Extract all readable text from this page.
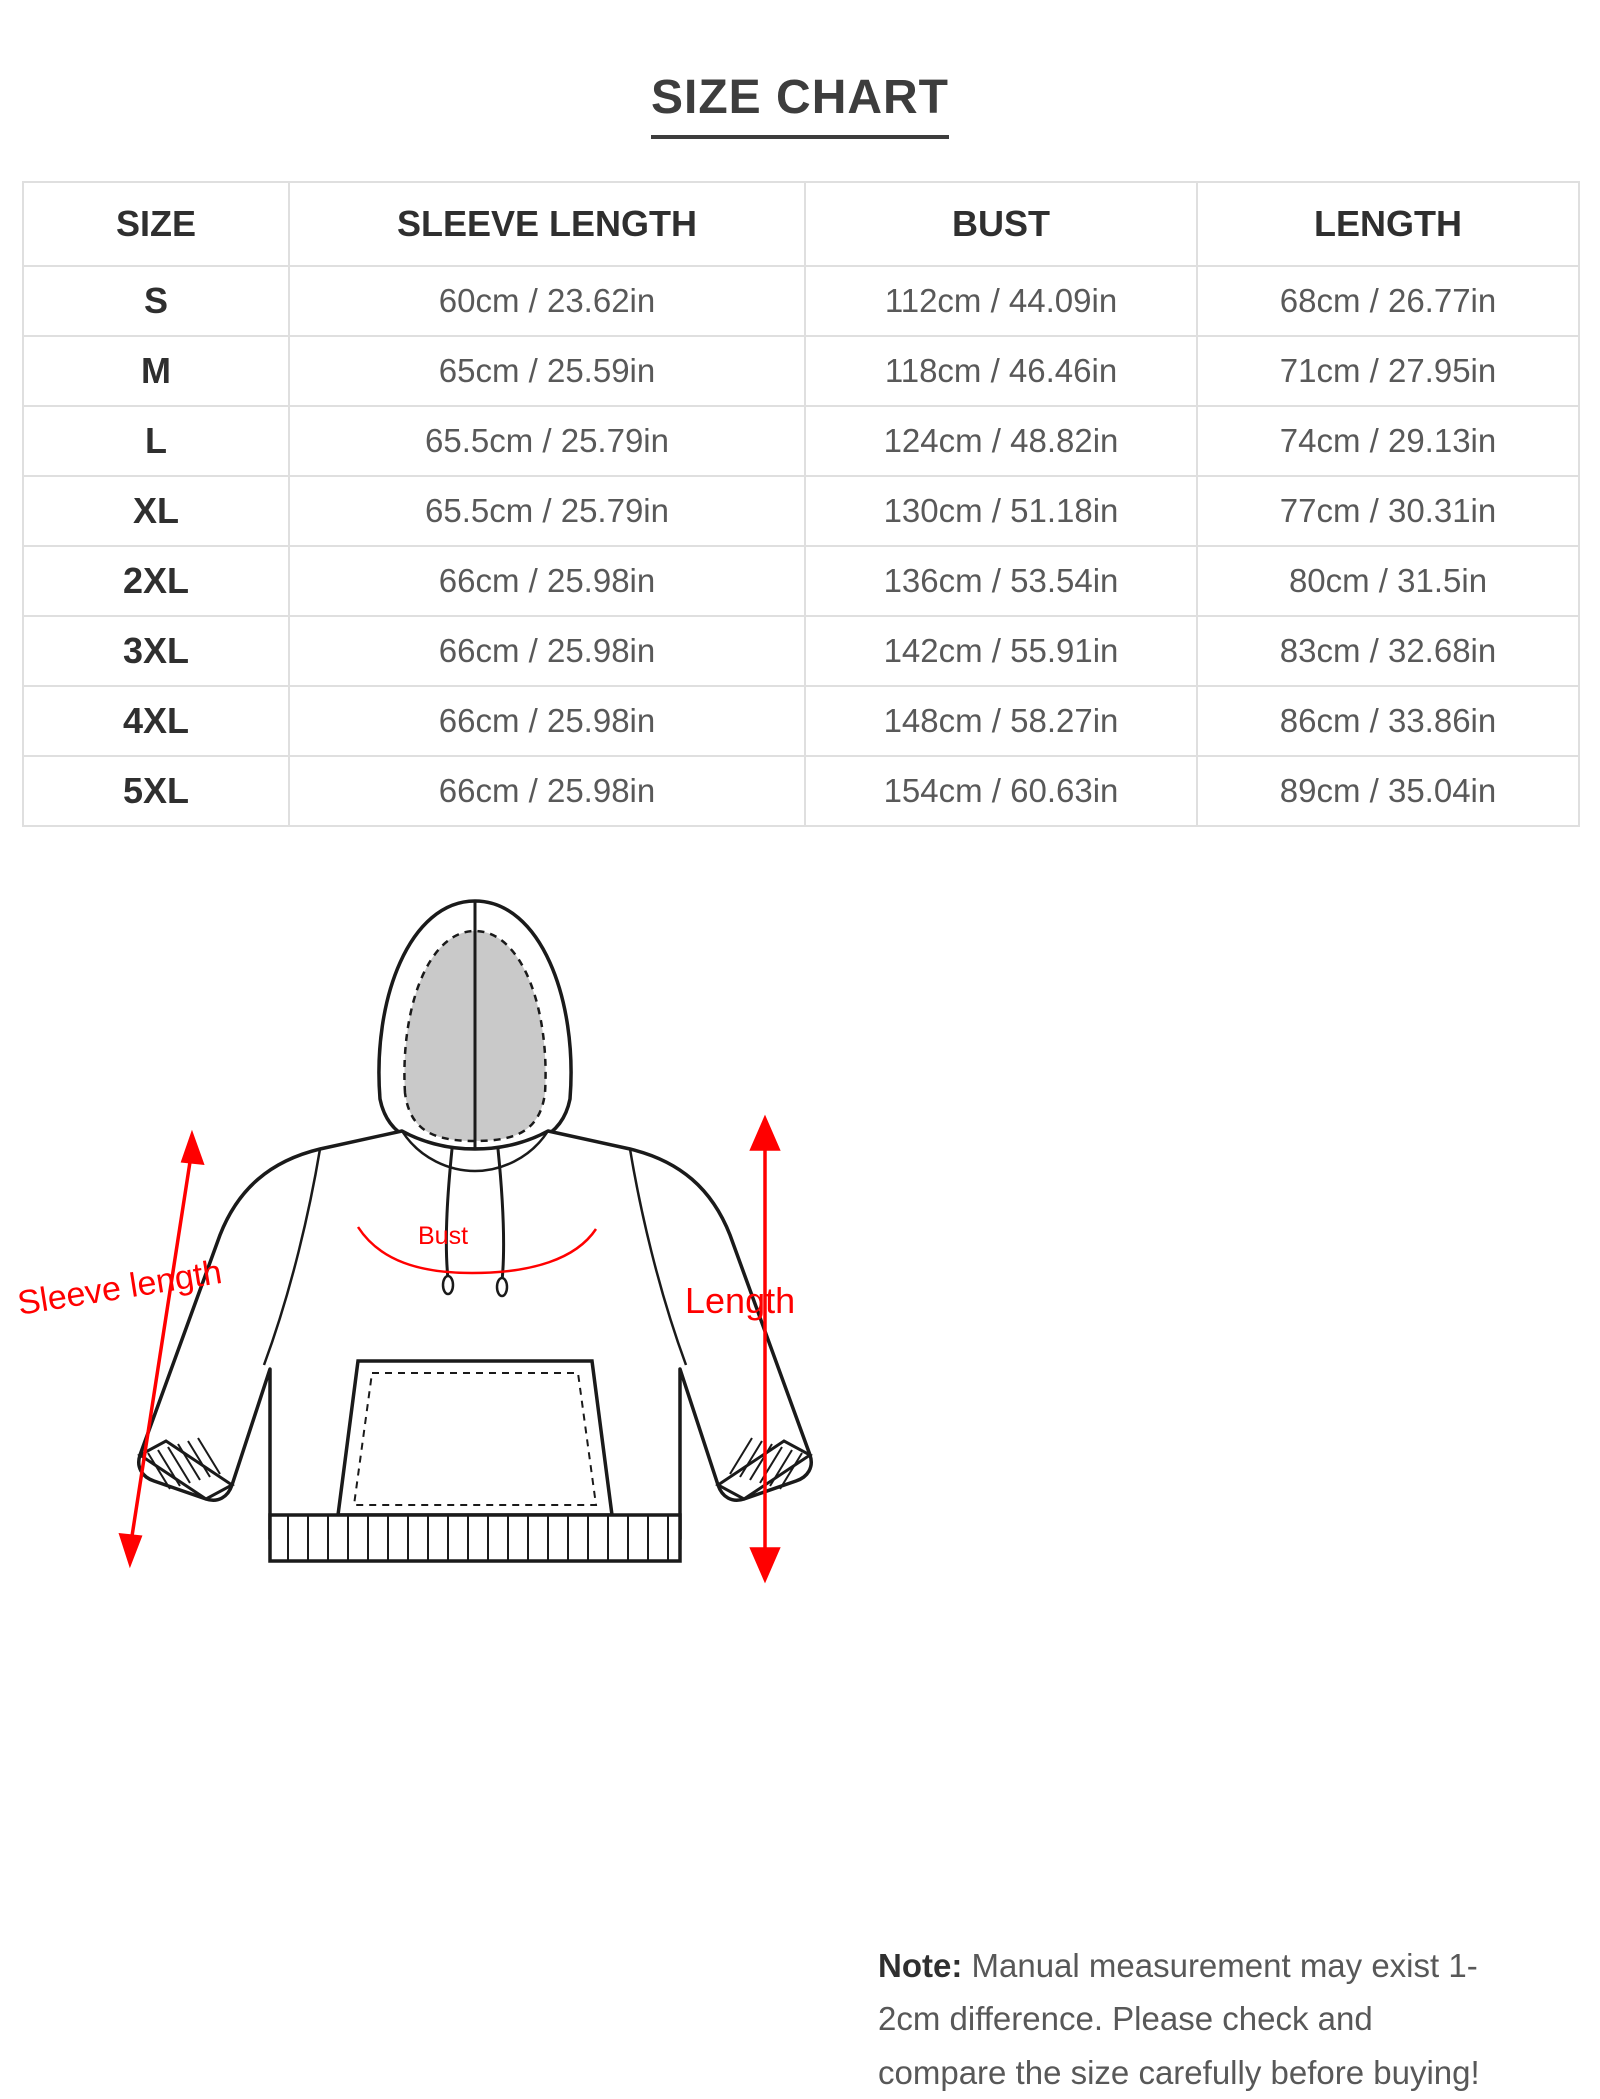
SIZE CHART
SIZE	SLEEVE LENGTH	BUST	LENGTH
S	60cm / 23.62in	112cm / 44.09in	68cm / 26.77in
M	65cm / 25.59in	118cm / 46.46in	71cm / 27.95in
L	65.5cm / 25.79in	124cm / 48.82in	74cm / 29.13in
XL	65.5cm / 25.79in	130cm / 51.18in	77cm / 30.31in
2XL	66cm / 25.98in	136cm / 53.54in	80cm / 31.5in
3XL	66cm / 25.98in	142cm / 55.91in	83cm / 32.68in
4XL	66cm / 25.98in	148cm / 58.27in	86cm / 33.86in
5XL	66cm / 25.98in	154cm / 60.63in	89cm / 35.04in
Note: Manual measurement may exist 1-2cm difference. Please check and compare the size carefully before buying!
Sleeve length	Length
Bust
